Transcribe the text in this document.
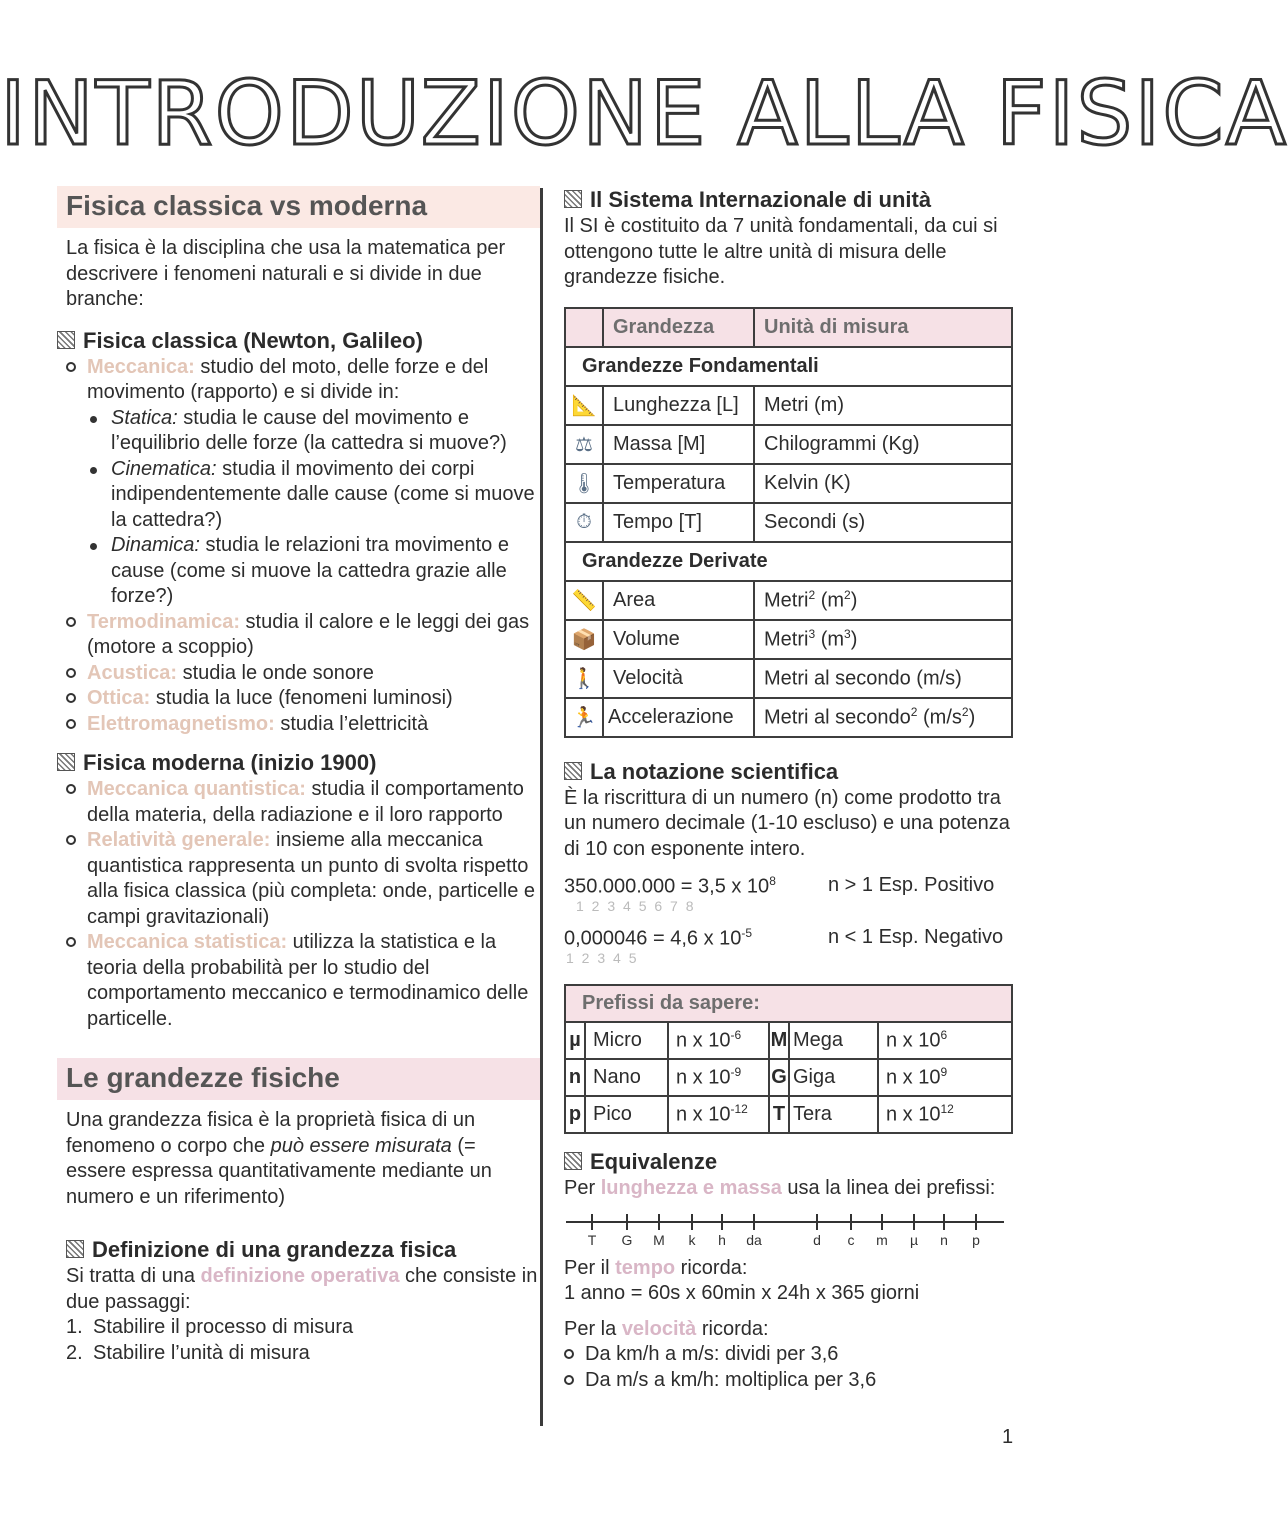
INTRODUZIONE ALLA FISICA
Fisica classica vs moderna

La fisica è la disciplina che usa la matematica per descrivere i fenomeni naturali e si divide in due branche:

Fisica classica (Newton, Galileo)
Meccanica: studio del moto, delle forze e del movimento (rapporto) e si divide in:
Statica: studia le cause del movimento e l’equilibrio delle forze (la cattedra si muove?)
Cinematica: studia il movimento dei corpi indipendentemente dalle cause (come si muove la cattedra?)
Dinamica: studia le relazioni tra movimento e cause (come si muove la cattedra grazie alle forze?)
Termodinamica: studia il calore e le leggi dei gas (motore a scoppio)
Acustica: studia le onde sonore
Ottica: studia la luce (fenomeni luminosi)
Elettromagnetismo: studia l’elettricità
Fisica moderna (inizio 1900)
Meccanica quantistica: studia il comportamento della materia, della radiazione e il loro rapporto
Relatività generale: insieme alla meccanica quantistica rappresenta un punto di svolta rispetto alla fisica classica (più completa: onde, particelle e campi gravitazionali)
Meccanica statistica: utilizza la statistica e la teoria della probabilità per lo studio del comportamento meccanico e termodinamico delle particelle.
Le grandezze fisiche

Una grandezza fisica è la proprietà fisica di un fenomeno o corpo che può essere misurata (= essere espressa quantitativamente mediante un numero e un riferimento)

Definizione di una grandezza fisica

Si tratta di una definizione operativa che consiste in due passaggi:

1. Stabilire il processo di misura

2. Stabilire l’unità di misura

Il Sistema Internazionale di unità

Il SI è costituito da 7 unità fondamentali, da cui si ottengono tutte le altre unità di misura delle grandezze fisiche.

	Grandezza	Unità di misura
Grandezze Fondamentali		
📐	Lunghezza [L]	Metri (m)
⚖	Massa [M]	Chilogrammi (Kg)
🌡	Temperatura	Kelvin (K)
⏱	Tempo [T]	Secondi (s)
Grandezze Derivate		
📏	Area	Metri$^2$ $(m^2)$
📦	Volume	Metri$^3$ $(m^3)$
🚶	Velocità	Metri al secondo (m/s)
🏃	Accelerazione	Metri al secondo$^2$ $(m/s^2)$
La notazione scientifica

È la riscrittura di un numero (n) come prodotto tra un numero decimale (1-10 escluso) e una potenza di 10 con esponente intero.

350.000.000 = 3,5 x $10^8$
1 2 3 4 5 6 7 8
n > 1 Esp. Positivo
0,000046 = 4,6 x $10^{-5}$
1 2 3 4 5
n < 1 Esp. Negativo
Prefissi da sapere:					
µ	Micro	n x $10^{-6}$	M	Mega	n x $10^6$
n	Nano	n x $10^{-9}$	G	Giga	n x $10^9$
p	Pico	n x $10^{-12}$	T	Tera	n x $10^{12}$
Equivalenze

Per lunghezza e massa usa la linea dei prefissi:

T	G	M	k	h	da	d	c	m	µ	n	p

Per il tempo ricorda:

1 anno = 60s x 60min x 24h x 365 giorni

Per la velocità ricorda:

Da km/h a m/s: dividi per 3,6
Da m/s a km/h: moltiplica per 3,6
1
